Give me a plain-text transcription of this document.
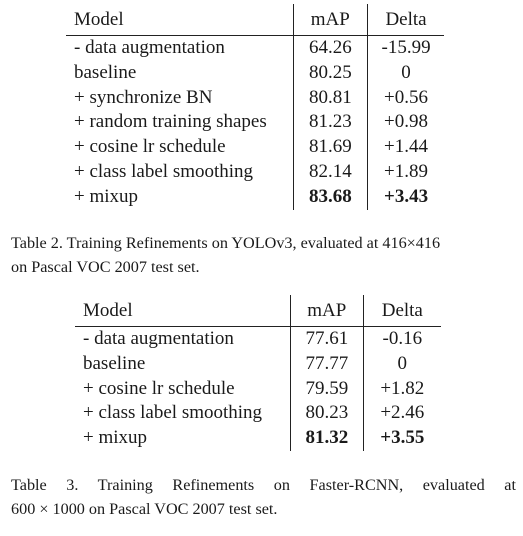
Model	mAP	Delta
- data augmentation	64.26	-15.99
baseline	80.25	0
+ synchronize BN	80.81	+0.56
+ random training shapes	81.23	+0.98
+ cosine lr schedule	81.69	+1.44
+ class label smoothing	82.14	+1.89
+ mixup	83.68	+3.43

Table 2. Training Refinements on YOLOv3, evaluated at 416×416
on Pascal VOC 2007 test set.

Model	mAP	Delta
- data augmentation	77.61	-0.16
baseline	77.77	0
+ cosine lr schedule	79.59	+1.82
+ class label smoothing	80.23	+2.46
+ mixup	81.32	+3.55

Table 3. Training Refinements on Faster-RCNN, evaluated at
600 × 1000 on Pascal VOC 2007 test set.
